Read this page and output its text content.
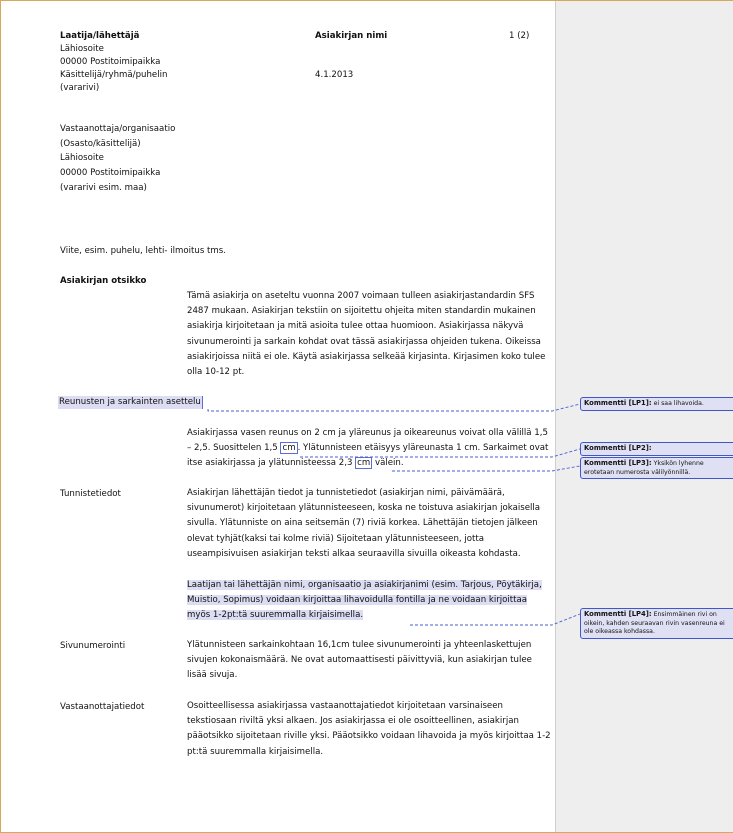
Laatija/lähettäjä
Lähiosoite
00000 Postitoimipaikka
Käsittelijä/ryhmä/puhelin
(vararivi)
Asiakirjan nimi
4.1.2013
1 (2)
Vastaanottaja/organisaatio
(Osasto/käsittelijä)
Lähiosoite
00000 Postitoimipaikka
(vararivi esim. maa)
Viite, esim. puhelu, lehti- ilmoitus tms.
Asiakirjan otsikko
Tämä asiakirja on aseteltu vuonna 2007 voimaan tulleen asiakirjastandardin SFS 2487 mukaan. Asiakirjan tekstiin on sijoitettu ohjeita miten standardin mukainen asiakirja kirjoitetaan ja mitä asioita tulee ottaa huomioon. Asiakirjassa näkyvä sivunumerointi ja sarkain kohdat ovat tässä asiakirjassa ohjeiden tukena. Oikeissa asiakirjoissa niitä ei ole. Käytä asiakirjassa selkeää kirjasinta. Kirjasimen koko tulee olla 10-12 pt.
Reunusten ja sarkainten asettelu
Asiakirjassa vasen reunus on 2 cm ja yläreunus ja oikeareunus voivat olla välillä 1,5 – 2,5. Suosittelen 1,5 cm . Ylätunnisteen etäisyys yläreunasta 1 cm. Sarkaimet ovat itse asiakirjassa ja ylätunnisteessa 2,3 cm välein.
Tunnistetiedot	Asiakirjan lähettäjän tiedot ja tunnistetiedot (asiakirjan nimi, päivämäärä, sivunumerot) kirjoitetaan ylätunnisteeseen, koska ne toistuva asiakirjan jokaisella sivulla. Ylätunniste on aina seitsemän (7) riviä korkea. Lähettäjän tietojen jälkeen olevat tyhjät(kaksi tai kolme riviä) Sijoitetaan ylätunnisteeseen, jotta useampisivuisen asiakirjan teksti alkaa seuraavilla sivuilla oikeasta kohdasta.
Laatijan tai lähettäjän nimi, organisaatio ja asiakirjanimi (esim. Tarjous, Pöytäkirja, Muistio, Sopimus) voidaan kirjoittaa lihavoidulla fontilla ja ne voidaan kirjoittaa myös 1-2pt:tä suuremmalla kirjaisimella.
Sivunumerointi	Ylätunnisteen sarkainkohtaan 16,1cm tulee sivunumerointi ja yhteenlaskettujen sivujen kokonaismäärä. Ne ovat automaattisesti päivittyviä, kun asiakirjan tulee lisää sivuja.
Vastaanottajatiedot	Osoitteellisessa asiakirjassa vastaanottajatiedot kirjoitetaan varsinaiseen tekstiosaan riviltä yksi alkaen. Jos asiakirjassa ei ole osoitteellinen, asiakirjan pääotsikko sijoitetaan riville yksi. Pääotsikko voidaan lihavoida ja myös kirjoittaa 1-2 pt:tä suuremmalla kirjaisimella.
Kommentti [LP1]: ei saa lihavoida.
Kommentti [LP2]:
Kommentti [LP3]: Yksikön lyhenne erotetaan numerosta välilyönnillä.
Kommentti [LP4]: Ensimmäinen rivi on oikein, kahden seuraavan rivin vasenreuna ei ole oikeassa kohdassa.
